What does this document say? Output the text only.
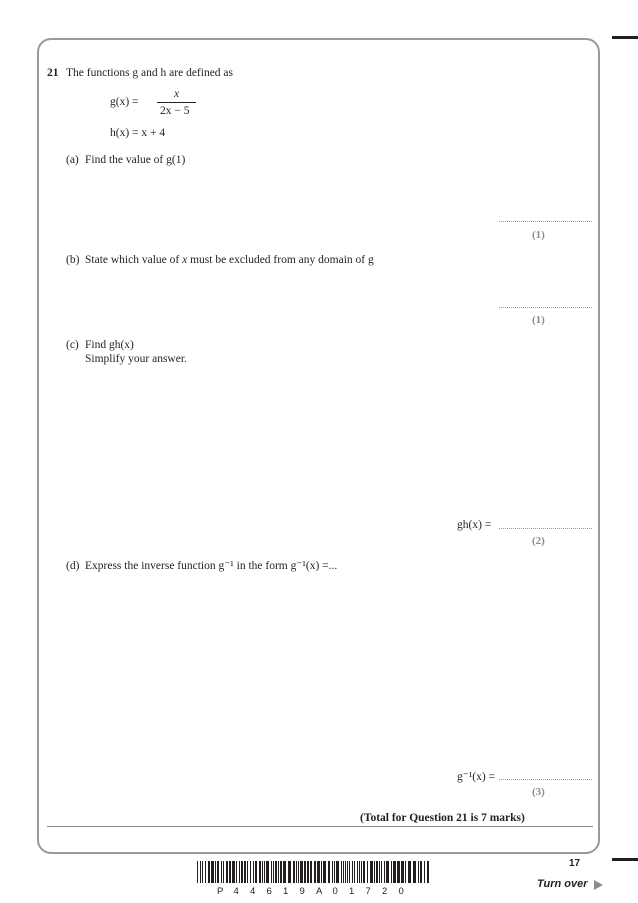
21 The functions g and h are defined as
g(x) =
x
2x − 5
h(x) = x + 4
(a) Find the value of g(1)
(1)
(b) State which value of x must be excluded from any domain of g
(1)
(c) Find gh(x)
Simplify your answer.
gh(x) =
(2)
(d) Express the inverse function g⁻¹ in the form g⁻¹(x) =...
g⁻¹(x) =
(3)
(Total for Question 21 is 7 marks)
17
P 4 4 6 1 9 A 0 1 7 2 0
Turn over
